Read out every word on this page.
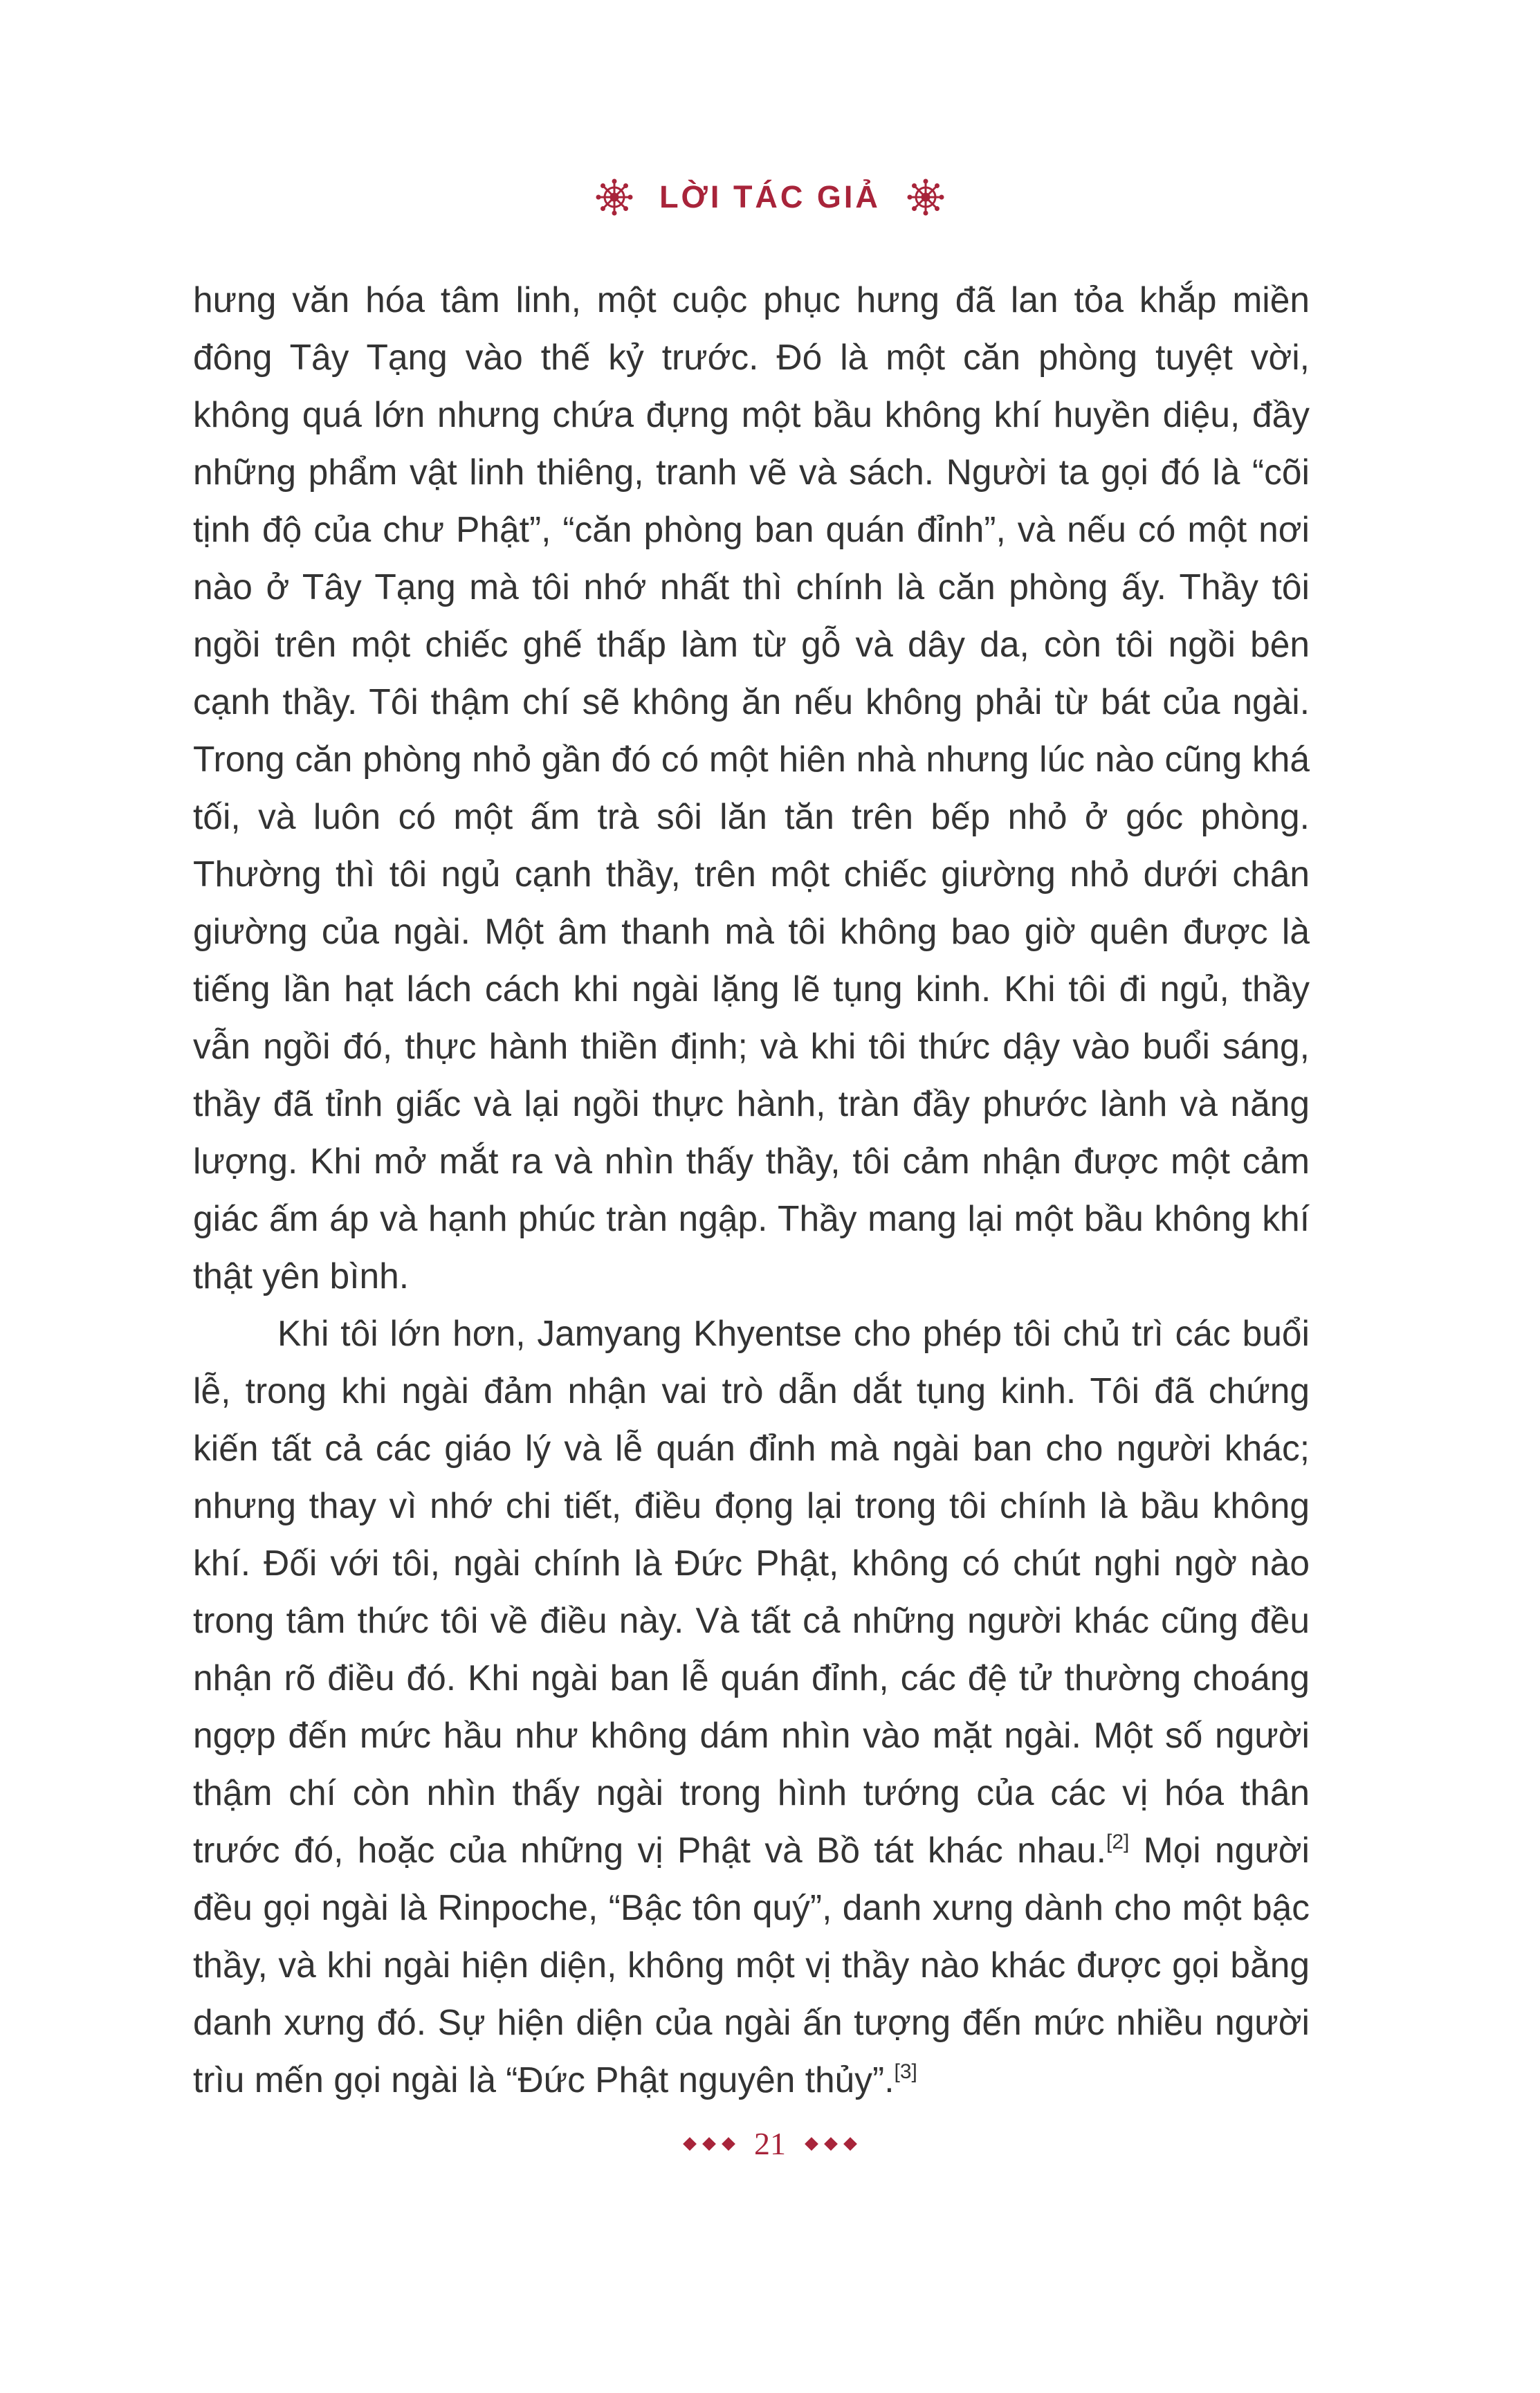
LỜI TÁC GIẢ

hưng văn hóa tâm linh, một cuộc phục hưng đã lan tỏa khắp miền đông Tây Tạng vào thế kỷ trước. Đó là một căn phòng tuyệt vời, không quá lớn nhưng chứa đựng một bầu không khí huyền diệu, đầy những phẩm vật linh thiêng, tranh vẽ và sách. Người ta gọi đó là “cõi tịnh độ của chư Phật”, “căn phòng ban quán đỉnh”, và nếu có một nơi nào ở Tây Tạng mà tôi nhớ nhất thì chính là căn phòng ấy. Thầy tôi ngồi trên một chiếc ghế thấp làm từ gỗ và dây da, còn tôi ngồi bên cạnh thầy. Tôi thậm chí sẽ không ăn nếu không phải từ bát của ngài. Trong căn phòng nhỏ gần đó có một hiên nhà nhưng lúc nào cũng khá tối, và luôn có một ấm trà sôi lăn tăn trên bếp nhỏ ở góc phòng. Thường thì tôi ngủ cạnh thầy, trên một chiếc giường nhỏ dưới chân giường của ngài. Một âm thanh mà tôi không bao giờ quên được là tiếng lần hạt lách cách khi ngài lặng lẽ tụng kinh. Khi tôi đi ngủ, thầy vẫn ngồi đó, thực hành thiền định; và khi tôi thức dậy vào buổi sáng, thầy đã tỉnh giấc và lại ngồi thực hành, tràn đầy phước lành và năng lượng. Khi mở mắt ra và nhìn thấy thầy, tôi cảm nhận được một cảm giác ấm áp và hạnh phúc tràn ngập. Thầy mang lại một bầu không khí thật yên bình.

Khi tôi lớn hơn, Jamyang Khyentse cho phép tôi chủ trì các buổi lễ, trong khi ngài đảm nhận vai trò dẫn dắt tụng kinh. Tôi đã chứng kiến tất cả các giáo lý và lễ quán đỉnh mà ngài ban cho người khác; nhưng thay vì nhớ chi tiết, điều đọng lại trong tôi chính là bầu không khí. Đối với tôi, ngài chính là Đức Phật, không có chút nghi ngờ nào trong tâm thức tôi về điều này. Và tất cả những người khác cũng đều nhận rõ điều đó. Khi ngài ban lễ quán đỉnh, các đệ tử thường choáng ngợp đến mức hầu như không dám nhìn vào mặt ngài. Một số người thậm chí còn nhìn thấy ngài trong hình tướng của các vị hóa thân trước đó, hoặc của những vị Phật và Bồ tát khác nhau.[2] Mọi người đều gọi ngài là Rinpoche, “Bậc tôn quý”, danh xưng dành cho một bậc thầy, và khi ngài hiện diện, không một vị thầy nào khác được gọi bằng danh xưng đó. Sự hiện diện của ngài ấn tượng đến mức nhiều người trìu mến gọi ngài là “Đức Phật nguyên thủy”.[3]

21
